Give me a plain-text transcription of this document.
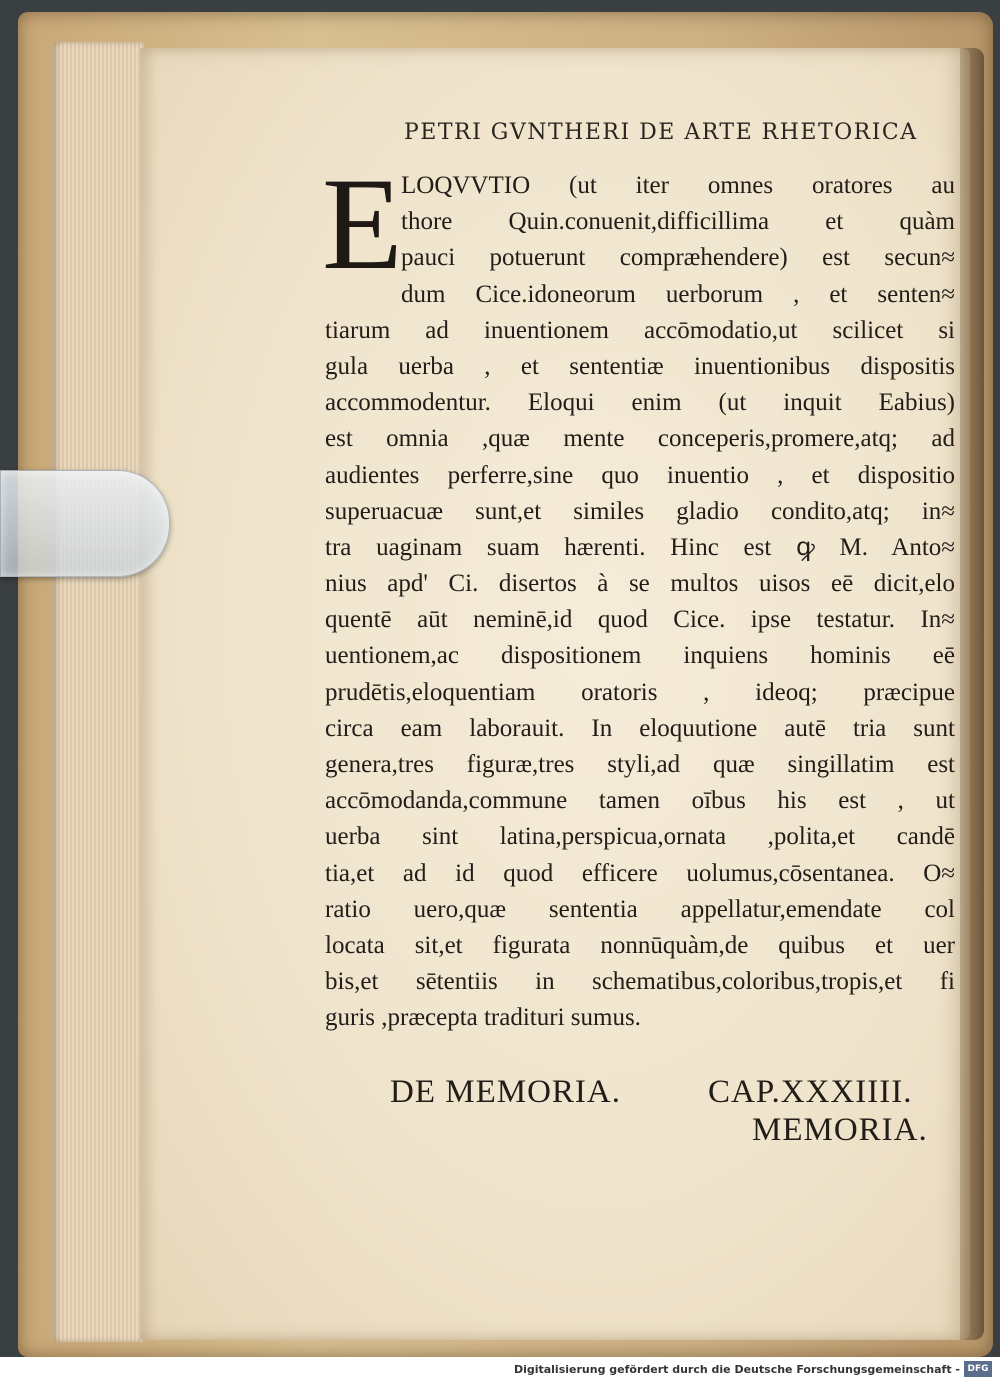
PETRI GVNTHERI DE ARTE RHETORICA
E
LOQVVTIO (ut iter omnes oratores au
thore Quin.conuenit,difficillima et quàm
pauci potuerunt compræhendere) est secun≈
dum Cice.idoneorum uerborum , et senten≈
tiarum ad inuentionem accōmodatio,ut scilicet si
gula uerba , et sententiæ inuentionibus dispositis
accommodentur. Eloqui enim (ut inquit Eabius)
est omnia ,quæ mente conceperis,promere,atq; ad
audientes perferre,sine quo inuentio , et dispositio
superuacuæ sunt,et similes gladio condito,atq; in≈
tra uaginam suam hærenti. Hinc est ꝙ M. Anto≈
nius apd' Ci. disertos à se multos uisos eē dicit,elo
quentē aūt neminē,id quod Cice. ipse testatur. In≈
uentionem,ac dispositionem inquiens hominis eē
prudētis,eloquentiam oratoris , ideoq; præcipue
circa eam laborauit. In eloquutione autē tria sunt
genera,tres figuræ,tres styli,ad quæ singillatim est
accōmodanda,commune tamen oībus his est , ut
uerba sint latina,perspicua,ornata ,polita,et candē
tia,et ad id quod efficere uolumus,cōsentanea. O≈
ratio uero,quæ sententia appellatur,emendate col
locata sit,et figurata nonnūquàm,de quibus et uer
bis,et sētentiis in schematibus,coloribus,tropis,et fi
guris ,præcepta tradituri sumus.
DE MEMORIA.	CAP.XXXIIII.
MEMORIA.
Digitalisierung gefördert durch die Deutsche Forschungsgemeinschaft - DFG
